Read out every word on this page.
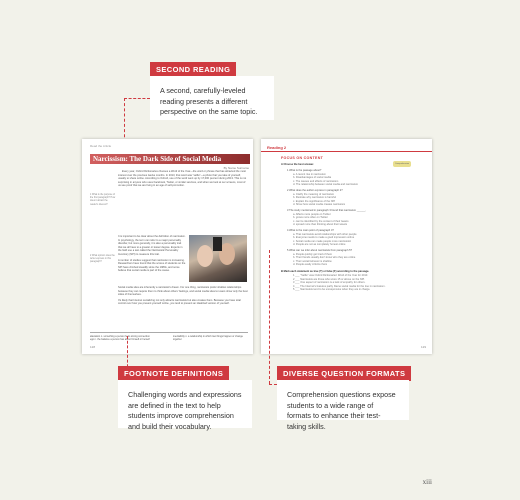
SECOND READING
A second, carefully-leveled reading presents a different perspective on the same topic.
Read the Article
Narcissism: The Dark Side of Social Media
By Name Surname
1 What is the purpose of the first paragraph? How does it attract the reader's interest?
2 What opinion does the writer express in this paragraph?

Every year, Oxford Dictionaries chooses a Word of the Year—the word or phrase that has attracted the most interest over the previous twelve months. In 2013, that word was "selfie"—a photo that you take of yourself, usually to share online. According to Oxford, use of the word went up by 17,000 percent during 2013. This is not surprising in anyone who uses Facebook, Twitter, or similar services, and when we look at our screens, most of us see proof that we are living in an age of self-promotion.

It is important to be clear about the definition of narcissism. In psychology, the term can refer to a major personality disorder, but more generally, it is also a personality trait that we all have to a greater or lesser degree. Experts in the field use a test called the Narcissistic Personality Inventory (NPI) to measure this trait.

A number of studies suggest that narcissism is increasing. Researchers have found that the scores of students on the NPI have climbed steadily since the 1980s, and some believe that social media is part of the cause.

Social media sites are inherently a narcissist's dream. For one thing, narcissists prefer shallow relationships because they can require them to think about others' feelings, and social media sites let users show only the best sides of themselves.

It's likely that Internet socializing not only attracts narcissists but also creates them. Because you have total control over how you present yourself online, you tend to present an idealized version of yourself.

alienation n. something a person feels strong connection
ego n. the balance a person has about himself or herself
inevitability n. a relationship in which two things happen or change together
128
Reading 2
FOCUS ON CONTENT
Comprehension
A Choose the best answer.
1 What is the passage about?
a. A recent rise in narcissism
b. Disadvantages of social media
c. The causes and effects of narcissism
d. The relationship between social media and narcissism
2 What does the author express in paragraph 2?
a. Clarify the meaning of narcissism
b. Illustrate why narcissism is harmful
c. Explain the significance of the NPI
d. Show how social media creates narcissism
3 The study mentioned in paragraph 3 found that narcissism ______.
a. Affects more people on Twitter
b. grows more often on Twitter
c. can be identified by the content of their tweets
d. spread more than thinking about their tweets
4 What is the main point of paragraph 4?
a. That narcissists avoid relationships with other people
b. Everyone needs to make a good impression online
c. Social media can make people more narcissistic
d. People are not as completely honest online
5 What can we infer about narcissists from paragraph 5?
a. People quickly get tired of them
b. Their friends usually don't know who they are online
c. Their social behavior is shallow
d. People easily criticize them
B Mark each statement as true (T) or false (F) according to the passage.
1 ___ "Selfie" was Oxford Dictionaries' Word of the Year for 2013.
2 ___ Narcissists are those who score 15 or above on the NPI.
3 ___ One aspect of narcissism is a lack of empathy for others.
4 ___ The Internet's features partly blame social media for the rise in narcissism.
5 ___ Narcissists tend to be unresponsive when they are in charge.
129
FOOTNOTE DEFINITIONS
Challenging words and expressions are defined in the text to help students improve comprehension and build their vocabulary.
DIVERSE QUESTION FORMATS
Comprehension questions expose students to a wide range of formats to enhance their test-taking skills.
xiii
